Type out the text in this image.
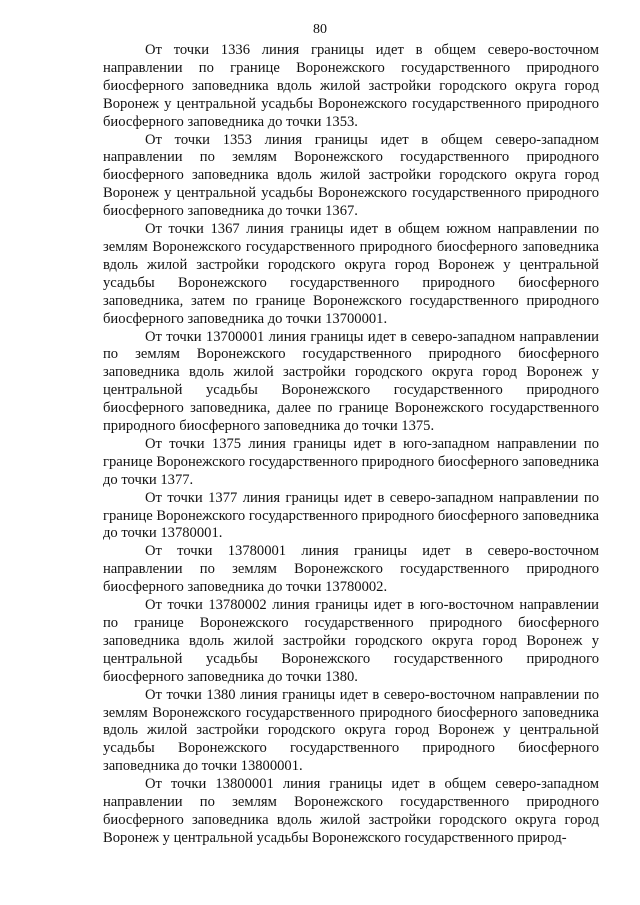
80

От точки 1336 линия границы идет в общем северо-восточном направлении по границе Воронежского государственного природного биосферного заповедника вдоль жилой застройки городского округа город Воронеж у центральной усадьбы Воронежского государственного природного биосферного заповедника до точки 1353.

От точки 1353 линия границы идет в общем северо-западном направлении по землям Воронежского государственного природного биосферного заповедника вдоль жилой застройки городского округа город Воронеж у центральной усадьбы Воронежского государственного природного биосферного заповедника до точки 1367.

От точки 1367 линия границы идет в общем южном направлении по землям Воронежского государственного природного биосферного заповедника вдоль жилой застройки городского округа город Воронеж у центральной усадьбы Воронежского государственного природного биосферного заповедника, затем по границе Воронежского государственного природного биосферного заповедника до точки 13700001.

От точки 13700001 линия границы идет в северо-западном направлении по землям Воронежского государственного природного биосферного заповедника вдоль жилой застройки городского округа город Воронеж у центральной усадьбы Воронежского государственного природного биосферного заповедника, далее по границе Воронежского государственного природного биосферного заповедника до точки 1375.

От точки 1375 линия границы идет в юго-западном направлении по границе Воронежского государственного природного биосферного заповедника до точки 1377.

От точки 1377 линия границы идет в северо-западном направлении по границе Воронежского государственного природного биосферного заповедника до точки 13780001.

От точки 13780001 линия границы идет в северо-восточном направлении по землям Воронежского государственного природного биосферного заповедника до точки 13780002.

От точки 13780002 линия границы идет в юго-восточном направлении по границе Воронежского государственного природного биосферного заповедника вдоль жилой застройки городского округа город Воронеж у центральной усадьбы Воронежского государственного природного биосферного заповедника до точки 1380.

От точки 1380 линия границы идет в северо-восточном направлении по землям Воронежского государственного природного биосферного заповедника вдоль жилой застройки городского округа город Воронеж у центральной усадьбы Воронежского государственного природного биосферного заповедника до точки 13800001.

От точки 13800001 линия границы идет в общем северо-западном направлении по землям Воронежского государственного природного биосферного заповедника вдоль жилой застройки городского округа город Воронеж у центральной усадьбы Воронежского государственного природ-
